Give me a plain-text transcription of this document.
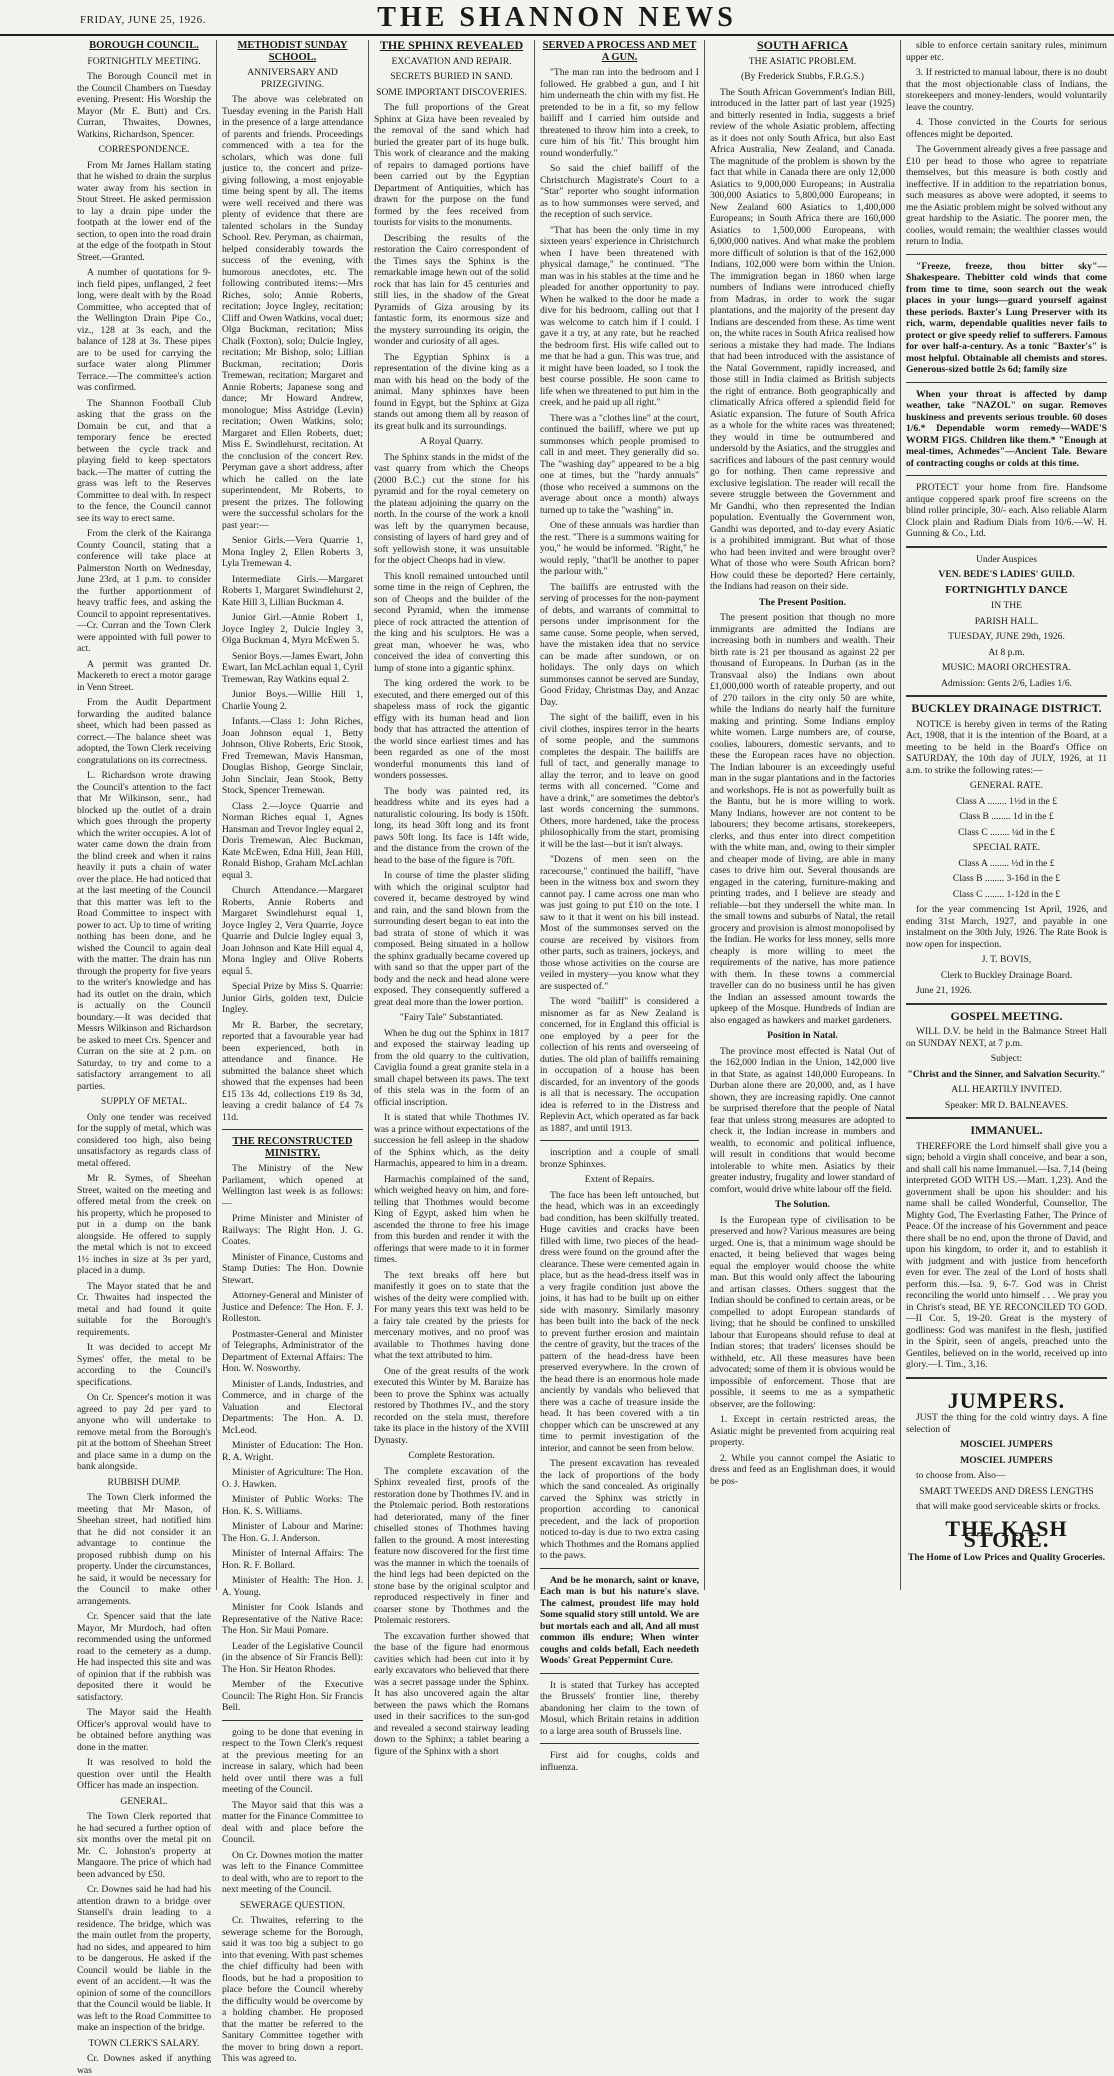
FRIDAY, JUNE 25, 1926.	THE SHANNON NEWS

BOROUGH COUNCIL.

FORTNIGHTLY MEETING.

The Borough Council met in the Council Chambers on Tuesday evening. Present: His Worship the Mayor (Mr E. Butt) and Crs. Curran, Thwaites, Downes, Watkins, Richardson, Spencer.

CORRESPONDENCE.

From Mr James Hallam stating that he wished to drain the surplus water away from his section in Stout Street. He asked permission to lay a drain pipe under the footpath at the lower end of the section, to open into the road drain at the edge of the footpath in Stout Street.—Granted.

A number of quotations for 9-inch field pipes, unflanged, 2 feet long, were dealt with by the Road Committee, who accepted that of the Wellington Drain Pipe Co., viz., 128 at 3s each, and the balance of 128 at 3s. These pipes are to be used for carrying the surface water along Plimmer Terrace.—The committee's action was confirmed.

The Shannon Football Club asking that the grass on the Domain be cut, and that a temporary fence be erected between the cycle track and playing field to keep spectators back.—The matter of cutting the grass was left to the Reserves Committee to deal with. In respect to the fence, the Council cannot see its way to erect same.

From the clerk of the Kairanga County Council, stating that a conference will take place at Palmerston North on Wednesday, June 23rd, at 1 p.m. to consider the further apportionment of heavy traffic fees, and asking the Council to appoint representatives.—Cr. Curran and the Town Clerk were appointed with full power to act.

A permit was granted Dr. Mackereth to erect a motor garage in Venn Street.

From the Audit Department forwarding the audited balance sheet, which had been passed as correct.—The balance sheet was adopted, the Town Clerk receiving congratulations on its correctness.

L. Richardson wrote drawing the Council's attention to the fact that Mr Wilkinson, senr., had blocked up the outlet of a drain which goes through the property which the writer occupies. A lot of water came down the drain from the blind creek and when it rains heavily it puts a chain of water over the place. He had noticed that at the last meeting of the Council that this matter was left to the Road Committee to inspect with power to act. Up to time of writing nothing has been done, and he wished the Council to again deal with the matter. The drain has run through the property for five years to the writer's knowledge and has had its outlet on the drain, which is actually on the Council boundary.—It was decided that Messrs Wilkinson and Richardson be asked to meet Crs. Spencer and Curran on the site at 2 p.m. on Saturday, to try and come to a satisfactory arrangement to all parties.

SUPPLY OF METAL.

Only one tender was received for the supply of metal, which was considered too high, also being unsatisfactory as regards class of metal offered.

Mr R. Symes, of Sheehan Street, waited on the meeting and offered metal from the creek on his property, which he proposed to put in a dump on the bank alongside. He offered to supply the metal which is not to exceed 1½ inches in size at 3s per yard, placed in a dump.

The Mayor stated that he and Cr. Thwaites had inspected the metal and had found it quite suitable for the Borough's requirements.

It was decided to accept Mr Symes' offer, the metal to be according to the Council's specifications.

On Cr. Spencer's motion it was agreed to pay 2d per yard to anyone who will undertake to remove metal from the Borough's pit at the bottom of Sheehan Street and place same in a dump on the bank alongside.

RUBBISH DUMP.

The Town Clerk informed the meeting that Mr Mason, of Sheehan street, had notified him that he did not consider it an advantage to continue the proposed rubbish dump on his property. Under the circumstances, he said, it would be necessary for the Council to make other arrangements.

Cr. Spencer said that the late Mayor, Mr Murdoch, had often recommended using the unformed road to the cemetery as a dump. He had inspected this site and was of opinion that if the rubbish was deposited there it would be satisfactory.

The Mayor said the Health Officer's approval would have to be obtained before anything was done in the matter.

It was resolved to hold the question over until the Health Officer has made an inspection.

GENERAL.

The Town Clerk reported that he had secured a further option of six months over the metal pit on Mr. C. Johnston's property at Mangaore. The price of which had been advanced by £50.

Cr. Downes said he had had his attention drawn to a bridge over Stansell's drain leading to a residence. The bridge, which was the main outlet from the property, had no sides, and appeared to him to be dangerous. He asked if the Council would be liable in the event of an accident.—It was the opinion of some of the councillors that the Council would be liable. It was left to the Road Committee to make an inspection of the bridge.

TOWN CLERK'S SALARY.

Cr. Downes asked if anything was

METHODIST SUNDAY SCHOOL.

ANNIVERSARY AND PRIZEGIVING.

The above was celebrated on Tuesday evening in the Parish Hall in the presence of a large attendance of parents and friends. Proceedings commenced with a tea for the scholars, which was done full justice to, the concert and prize-giving following, a most enjoyable time being spent by all. The items were well received and there was plenty of evidence that there are talented scholars in the Sunday School. Rev. Peryman, as chairman, helped considerably towards the success of the evening, with humorous anecdotes, etc. The following contributed items:—Mrs Riches, solo; Annie Roberts, recitation; Joyce Ingley, recitation; Cliff and Owen Watkins, vocal duet; Olga Buckman, recitation; Miss Chalk (Foxton), solo; Dulcie Ingley, recitation; Mr Bishop, solo; Lillian Buckman, recitation; Doris Tremewan, recitation; Margaret and Annie Roberts; Japanese song and dance; Mr Howard Andrew, monologue; Miss Astridge (Levin) recitation; Owen Watkins, solo; Margaret and Ellen Roberts, duet; Miss E. Swindlehurst, recitation. At the conclusion of the concert Rev. Peryman gave a short address, after which he called on the late superintendent, Mr Roberts, to present the prizes. The following were the successful scholars for the past year:—

Senior Girls.—Vera Quarrie 1, Mona Ingley 2, Ellen Roberts 3, Lyla Tremewan 4.

Intermediate Girls.—Margaret Roberts 1, Margaret Swindlehurst 2, Kate Hill 3, Lillian Buckman 4.

Junior Girl.—Annie Robert 1, Joyce Ingley 2, Dulcie Ingley 3, Olga Buckman 4, Myra McEwen 5.

Senior Boys.—James Ewart, John Ewart, Ian McLachlan equal 1, Cyril Tremewan, Ray Watkins equal 2.

Junior Boys.—Willie Hill 1, Charlie Young 2.

Infants.—Class 1: John Riches, Joan Johnson equal 1, Betty Johnson, Olive Roberts, Eric Stook, Fred Tremewan, Mavis Hansman, Douglas Bishop, George Sinclair, John Sinclair, Jean Stook, Betty Stock, Spencer Tremewan.

Class 2.—Joyce Quarrie and Norman Riches equal 1, Agnes Hansman and Trevor Ingley equal 2, Doris Tremewan, Alec Buckman, Kate McEwen, Edna Hill, Jean Hill, Ronald Bishop, Graham McLachlan equal 3.

Church Attendance.—Margaret Roberts, Annie Roberts and Margaret Swindlehurst equal 1, Joyce Ingley 2, Vera Quarrie, Joyce Quarrie and Dulcie Ingley equal 3, Joan Johnson and Kate Hill equal 4, Mona Ingley and Olive Roberts equal 5.

Special Prize by Miss S. Quarrie: Junior Girls, golden text, Dulcie Ingley.

Mr R. Barber, the secretary, reported that a favourable year had been experienced, both in attendance and finance. He submitted the balance sheet which showed that the expenses had been £15 13s 4d, collections £19 8s 3d, leaving a credit balance of £4 7s 11d.

THE RECONSTRUCTED MINISTRY.

The Ministry of the New Parliament, which opened at Wellington last week is as follows:—

Prime Minister and Minister of Railways: The Right Hon. J. G. Coates.

Minister of Finance, Customs and Stamp Duties: The Hon. Downie Stewart.

Attorney-General and Minister of Justice and Defence: The Hon. F. J. Rolleston.

Postmaster-General and Minister of Telegraphs, Administrator of the Department of External Affairs: The Hon. W. Nosworthy.

Minister of Lands, Industries, and Commerce, and in charge of the Valuation and Electoral Departments: The Hon. A. D. McLeod.

Minister of Education: The Hon. R. A. Wright.

Minister of Agriculture: The Hon. O. J. Hawken.

Minister of Public Works: The Hon. K. S. Williams.

Minister of Labour and Marine: The Hon. G. J. Anderson.

Minister of Internal Affairs: The Hon. R. F. Bollard.

Minister of Health: The Hon. J. A. Young.

Minister for Cook Islands and Representative of the Native Race: The Hon. Sir Maui Pomare.

Leader of the Legislative Council (in the absence of Sir Francis Bell): The Hon. Sir Heaton Rhodes.

Member of the Executive Council: The Right Hon. Sir Francis Bell.

going to be done that evening in respect to the Town Clerk's request at the previous meeting for an increase in salary, which had been held over until there was a full meeting of the Council.

The Mayor said that this was a matter for the Finance Committee to deal with and place before the Council.

On Cr. Downes motion the matter was left to the Finance Committee to deal with, who are to report to the next meeting of the Council.

SEWERAGE QUESTION.

Cr. Thwaites, referring to the sewerage scheme for the Borough, said it was too big a subject to go into that evening. With past schemes the chief difficulty had been with floods, but he had a proposition to place before the Council whereby the difficulty would be overcome by a holding chamber. He proposed that the matter be referred to the Sanitary Committee together with the mover to bring down a report. This was agreed to.

THE SPHINX REVEALED

EXCAVATION AND REPAIR.

SECRETS BURIED IN SAND.

SOME IMPORTANT DISCOVERIES.

The full proportions of the Great Sphinx at Giza have been revealed by the removal of the sand which had buried the greater part of its huge bulk. This work of clearance and the making of repairs to damaged portions have been carried out by the Egyptian Department of Antiquities, which has drawn for the purpose on the fund formed by the fees received from tourists for visits to the monuments.

Describing the results of the restoration the Cairo correspondent of the Times says the Sphinx is the remarkable image hewn out of the solid rock that has lain for 45 centuries and still lies, in the shadow of the Great Pyramids of Giza arousing by its fantastic form, its enormous size and the mystery surrounding its origin, the wonder and curiosity of all ages.

The Egyptian Sphinx is a representation of the divine king as a man with his head on the body of the animal. Many sphinxes have been found in Egypt, but the Sphinx at Giza stands out among them all by reason of its great bulk and its surroundings.

A Royal Quarry.

The Sphinx stands in the midst of the vast quarry from which the Cheops (2000 B.C.) cut the stone for his pyramid and for the royal cemetery on the plateau adjoining the quarry on the north. In the course of the work a knoll was left by the quarrymen because, consisting of layers of hard grey and of soft yellowish stone, it was unsuitable for the object Cheops had in view.

This knoll remained untouched until some time in the reign of Cephren, the son of Cheops and the builder of the second Pyramid, when the immense piece of rock attracted the attention of the king and his sculptors. He was a great man, whoever he was, who conceived the idea of converting this lump of stone into a gigantic sphinx.

The king ordered the work to be executed, and there emerged out of this shapeless mass of rock the gigantic effigy with its human head and lion body that has attracted the attention of the world since earliest times and has been regarded as one of the most wonderful monuments this land of wonders possesses.

The body was painted red, its headdress white and its eyes had a naturalistic colouring. Its body is 150ft. long, its head 30ft long and its front paws 50ft long. Its face is 14ft wide, and the distance from the crown of the head to the base of the figure is 70ft.

In course of time the plaster sliding with which the original sculptor had covered it, became destroyed by wind and rain, and the sand blown from the surrounding desert began to eat into the bad strata of stone of which it was composed. Being situated in a hollow the sphinx gradually became covered up with sand so that the upper part of the body and the neck and head alone were exposed. They consequently suffered a great deal more than the lower portion.

"Fairy Tale" Substantiated.

When he dug out the Sphinx in 1817 and exposed the stairway leading up from the old quarry to the cultivation, Caviglia found a great granite stela in a small chapel between its paws. The text of this stela was in the form of an official inscription.

It is stated that while Thothmes IV. was a prince without expectations of the succession he fell asleep in the shadow of the Sphinx which, as the deity Harmachis, appeared to him in a dream.

Harmachis complained of the sand, which weighed heavy on him, and fore-telling that Thothmes would become King of Egypt, asked him when he ascended the throne to free his image from this burden and render it with the offerings that were made to it in former times.

The text breaks off here but manifestly it goes on to state that the wishes of the deity were complied with. For many years this text was held to be a fairy tale created by the priests for mercenary motives, and no proof was available to Thothmes having done what the text attributed to him.

One of the great results of the work executed this Winter by M. Baraize has been to prove the Sphinx was actually restored by Thothmes IV., and the story recorded on the stela must, therefore take its place in the history of the XVIII Dynasty.

Complete Restoration.

The complete excavation of the Sphinx revealed first, proofs of the restoration done by Thothmes IV. and in the Ptolemaic period. Both restorations had deteriorated, many of the finer chiselled stones of Thothmes having fallen to the ground. A most interesting feature now discovered for the first time was the manner in which the toenails of the hind legs had been depicted on the stone base by the original sculptor and reproduced respectively in finer and coarser stone by Thothmes and the Ptolemaic restorers.

The excavation further showed that the base of the figure had enormous cavities which had been cut into it by early excavators who believed that there was a secret passage under the Sphinx. It has also uncovered again the altar between the paws which the Romans used in their sacrifices to the sun-god and revealed a second stairway leading down to the Sphinx; a tablet bearing a figure of the Sphinx with a short

SERVED A PROCESS AND MET A GUN.

"The man ran into the bedroom and I followed. He grabbed a gun, and I hit him underneath the chin with my fist. He pretended to be in a fit, so my fellow bailiff and I carried him outside and threatened to throw him into a creek, to cure him of his 'fit.' This brought him round wonderfully."

So said the chief bailiff of the Christchurch Magistrate's Court to a "Star" reporter who sought information as to how summonses were served, and the reception of such service.

"That has been the only time in my sixteen years' experience in Christchurch when I have been threatened with physical damage," he continued. "The man was in his stables at the time and he pleaded for another opportunity to pay. When he walked to the door he made a dive for his bedroom, calling out that I was welcome to catch him if I could. I gave it a try, at any rate, but he reached the bedroom first. His wife called out to me that he had a gun. This was true, and it might have been loaded, so I took the best course possible. He soon came to life when we threatened to put him in the creek, and he paid up all right."

There was a "clothes line" at the court, continued the bailiff, where we put up summonses which people promised to call in and meet. They generally did so. The "washing day" appeared to be a big one at times, but the "hardy annuals" (those who received a summons on the average about once a month) always turned up to take the "washing" in.

One of these annuals was hardier than the rest. "There is a summons waiting for you," he would be informed. "Right," he would reply, "that'll be another to paper the parlour with."

The bailiffs are entrusted with the serving of processes for the non-payment of debts, and warrants of committal to persons under imprisonment for the same cause. Some people, when served, have the mistaken idea that no service can be made after sundown, or on holidays. The only days on which summonses cannot be served are Sunday, Good Friday, Christmas Day, and Anzac Day.

The sight of the bailiff, even in his civil clothes, inspires terror in the hearts of some people, and the summons completes the despair. The bailiffs are full of tact, and generally manage to allay the terror, and to leave on good terms with all concerned. "Come and have a drink," are sometimes the debtor's last words concerning the summons. Others, more hardened, take the process philosophically from the start, promising it will be the last—but it isn't always.

"Dozens of men seen on the racecourse," continued the bailiff, "have been in the witness box and sworn they cannot pay. I came across one man who was just going to put £10 on the tote. I saw to it that it went on his bill instead. Most of the summonses served on the course are received by visitors from other parts, such as trainers, jockeys, and those whose activities on the course are veiled in mystery—you know what they are suspected of."

The word "bailiff" is considered a misnomer as far as New Zealand is concerned, for in England this official is one employed by a peer for the collection of his rents and overseeing of duties. The old plan of bailiffs remaining in occupation of a house has been discarded, for an inventory of the goods is all that is necessary. The occupation idea is referred to in the Distress and Replevin Act, which operated as far back as 1887, and until 1913.

inscription and a couple of small bronze Sphinxes.

Extent of Repairs.

The face has been left untouched, but the head, which was in an exceedingly bad condition, has been skilfully treated. Huge cavities and cracks have been filled with lime, two pieces of the head-dress were found on the ground after the clearance. These were cemented again in place, but as the head-dress itself was in a very fragile condition just above the joins, it has had to be built up on either side with masonry. Similarly masonry has been built into the back of the neck to prevent further erosion and maintain the centre of gravity, but the traces of the pattern of the head-dress have been preserved everywhere. In the crown of the head there is an enormous hole made anciently by vandals who believed that there was a cache of treasure inside the head. It has been covered with a tin chopper which can be unscrewed at any time to permit investigation of the interior, and cannot be seen from below.

The present excavation has revealed the lack of proportions of the body which the sand concealed. As originally carved the Sphinx was strictly in proportion according to canonical precedent, and the lack of proportion noticed to-day is due to two extra casing which Thothmes and the Romans applied to the paws.

And be he monarch, saint or knave, Each man is but his nature's slave. The calmest, proudest life may hold Some squalid story still untold. We are but mortals each and all, And all must common ills endure; When winter coughs and colds befall, Each needeth Woods' Great Peppermint Cure.

It is stated that Turkey has accepted the Brussels' frontier line, thereby abandoning her claim to the town of Mosul, which Britain retains in addition to a large area south of Brussels line.

First aid for coughs, colds and influenza.

SOUTH AFRICA

THE ASIATIC PROBLEM.

(By Frederick Stubbs, F.R.G.S.)

The South African Government's Indian Bill, introduced in the latter part of last year (1925) and bitterly resented in India, suggests a brief review of the whole Asiatic problem, affecting as it does not only South Africa, but also East Africa Australia, New Zealand, and Canada. The magnitude of the problem is shown by the fact that while in Canada there are only 12,000 Asiatics to 9,000,000 Europeans; in Australia 300,000 Asiatics to 5,800,000 Europeans; in New Zealand 600 Asiatics to 1,400,000 Europeans; in South Africa there are 160,000 Asiatics to 1,500,000 Europeans, with 6,000,000 natives. And what make the problem more difficult of solution is that of the 162,000 Indians, 102,000 were born within the Union. The immigration began in 1860 when large numbers of Indians were introduced chiefly from Madras, in order to work the sugar plantations, and the majority of the present day Indians are descended from these. As time went on, the white races in South Africa realised how serious a mistake they had made. The Indians that had been introduced with the assistance of the Natal Government, rapidly increased, and those still in India claimed as British subjects the right of entrance. Both geographically and climatically Africa offered a splendid field for Asiatic expansion. The future of South Africa as a whole for the white races was threatened; they would in time be outnumbered and undersold by the Asiatics, and the struggles and sacrifices and labours of the past century would go for nothing. Then came repressive and exclusive legislation. The reader will recall the severe struggle between the Government and Mr Gandhi, who then represented the Indian population. Eventually the Government won, Gandhi was deported, and to-day every Asiatic is a prohibited immigrant. But what of those who had been invited and were brought over? What of those who were South African born? How could these be deported? Here certainly, the Indians had reason on their side.

The Present Position.

The present position that though no more immigrants are admitted the Indians are increasing both in numbers and wealth. Their birth rate is 21 per thousand as against 22 per thousand of Europeans. In Durban (as in the Transvaal also) the Indians own about £1,000,000 worth of rateable property, and out of 270 tailors in the city only 50 are white, while the Indians do nearly half the furniture making and printing. Some Indians employ white women. Large numbers are, of course, coolies, labourers, domestic servants, and to these the European races have no objection. The Indian labourer is an exceedingly useful man in the sugar plantations and in the factories and workshops. He is not as powerfully built as the Bantu, but he is more willing to work. Many Indians, however are not content to be labourers; they become artisans, storekeepers, clerks, and thus enter into direct competition with the white man, and, owing to their simpler and cheaper mode of living, are able in many cases to drive him out. Several thousands are engaged in the catering, furniture-making and printing trades, and I believe are steady and reliable—but they undersell the white man. In the small towns and suburbs of Natal, the retail grocery and provision is almost monopolised by the Indian. He works for less money, sells more cheaply is more willing to meet the requirements of the native, has more patience with them. In these towns a commercial traveller can do no business until he has given the Indian an assessed amount towards the upkeep of the Mosque. Hundreds of Indian are also engaged as hawkers and market gardeners.

Position in Natal.

The province most effected is Natal Out of the 162,000 Indian in the Union, 142,000 live in that State, as against 140,000 Europeans. In Durban alone there are 20,000, and, as I have shown, they are increasing rapidly. One cannot be surprised therefore that the people of Natal fear that unless strong measures are adopted to check it, the Indian increase in numbers and wealth, to economic and political influence, will result in conditions that would become intolerable to white men. Asiatics by their greater industry, frugality and lower standard of comfort, would drive white labour off the field.

The Solution.

Is the European type of civilisation to be preserved and how? Various measures are being urged. One is, that a minimum wage should be enacted, it being believed that wages being equal the employer would choose the white man. But this would only affect the labouring and artisan classes. Others suggest that the Indian should be confined to certain areas, or be compelled to adopt European standards of living; that he should be confined to unskilled labour that Europeans should refuse to deal at Indian stores; that traders' licenses should be withheld, etc. All these measures have been advocated; some of them it is obvious would be impossible of enforcement. Those that are possible, it seems to me as a sympathetic observer, are the following:

1. Except in certain restricted areas, the Asiatic might be prevented from acquiring real property.

2. While you cannot compel the Asiatic to dress and feed as an Englishman does, it would be pos-

sible to enforce certain sanitary rules, minimum upper etc.

3. If restricted to manual labour, there is no doubt that the most objectionable class of Indians, the storekeepers and money-lenders, would voluntarily leave the country.

4. Those convicted in the Courts for serious offences might be deported.

The Government already gives a free passage and £10 per head to those who agree to repatriate themselves, but this measure is both costly and ineffective. If in addition to the repatriation bonus, such measures as above were adopted, it seems to me the Asiatic problem might be solved without any great hardship to the Asiatic. The poorer men, the coolies, would remain; the wealthier classes would return to India.

"Freeze, freeze, thou bitter sky"—Shakespeare. Thebitter cold winds that come from time to time, soon search out the weak places in your lungs—guard yourself against these periods. Baxter's Lung Preserver with its rich, warm, dependable qualities never fails to protect or give speedy relief to sufferers. Famous for over half-a-century. As a tonic "Baxter's" is most helpful. Obtainable all chemists and stores. Generous-sized bottle 2s 6d; family size

When your throat is affected by damp weather, take "NAZOL" on sugar. Removes huskiness and prevents serious trouble. 60 doses 1/6.* Dependable worm remedy—WADE'S WORM FIGS. Children like them.* "Enough at meal-times, Achmedes"—Ancient Tale. Beware of contracting coughs or colds at this time.

PROTECT your home from fire. Handsome antique coppered spark proof fire screens on the blind roller principle, 30/- each. Also reliable Alarm Clock plain and Radium Dials from 10/6.—W. H. Gunning & Co., Ltd.

Under Auspices

VEN. BEDE'S LADIES' GUILD.

FORTNIGHTLY DANCE

IN THE

PARISH HALL.

TUESDAY, JUNE 29th, 1926.

At 8 p.m.

MUSIC: MAORI ORCHESTRA.

Admission: Gents 2/6, Ladies 1/6.

BUCKLEY DRAINAGE DISTRICT.

NOTICE is hereby given in terms of the Rating Act, 1908, that it is the intention of the Board, at a meeting to be held in the Board's Office on SATURDAY, the 10th day of JULY, 1926, at 11 a.m. to strike the following rates:—

GENERAL RATE.

Class A ........ 1½d in the £

Class B ........ 1d in the £

Class C ........ ¼d in the £

SPECIAL RATE.

Class A ........ ½d in the £

Class B ........ 3-16d in the £

Class C ........ 1-12d in the £

for the year commencing 1st April, 1926, and ending 31st March, 1927, and payable in one instalment on the 30th July, 1926. The Rate Book is now open for inspection.

J. T. BOVIS,

Clerk to Buckley Drainage Board.

June 21, 1926.

GOSPEL MEETING.

WILL D.V. be held in the Balmance Street Hall on SUNDAY NEXT, at 7 p.m.

Subject:

"Christ and the Sinner, and Salvation Security."

ALL HEARTILY INVITED.

Speaker: MR D. BALNEAVES.

IMMANUEL.

THEREFORE the Lord himself shall give you a sign; behold a virgin shall conceive, and bear a son, and shall call his name Immanuel.—Isa. 7,14 (being interpreted GOD WITH US.—Matt. 1,23). And the government shall be upon his shoulder: and his name shall be called Wonderful, Counsellor, The Mighty God, The Everlasting Father, The Prince of Peace. Of the increase of his Government and peace there shall be no end, upon the throne of David, and upon his kingdom, to order it, and to establish it with judgment and with justice from henceforth even for ever. The zeal of the Lord of hosts shall perform this.—Isa. 9, 6-7. God was in Christ reconciling the world unto himself . . . We pray you in Christ's stead, BE YE RECONCILED TO GOD.—II Cor. 5, 19-20. Great is the mystery of godliness: God was manifest in the flesh, justified in the Spirit, seen of angels, preached unto the Gentiles, believed on in the world, received up into glory.—I. Tim., 3,16.

JUMPERS.

JUST the thing for the cold wintry days. A fine selection of

MOSCIEL JUMPERS

MOSCIEL JUMPERS

to choose from. Also—

SMART TWEEDS AND DRESS LENGTHS

that will make good serviceable skirts or frocks.

THE KASH STORE.

The Home of Low Prices and Quality Groceries.
